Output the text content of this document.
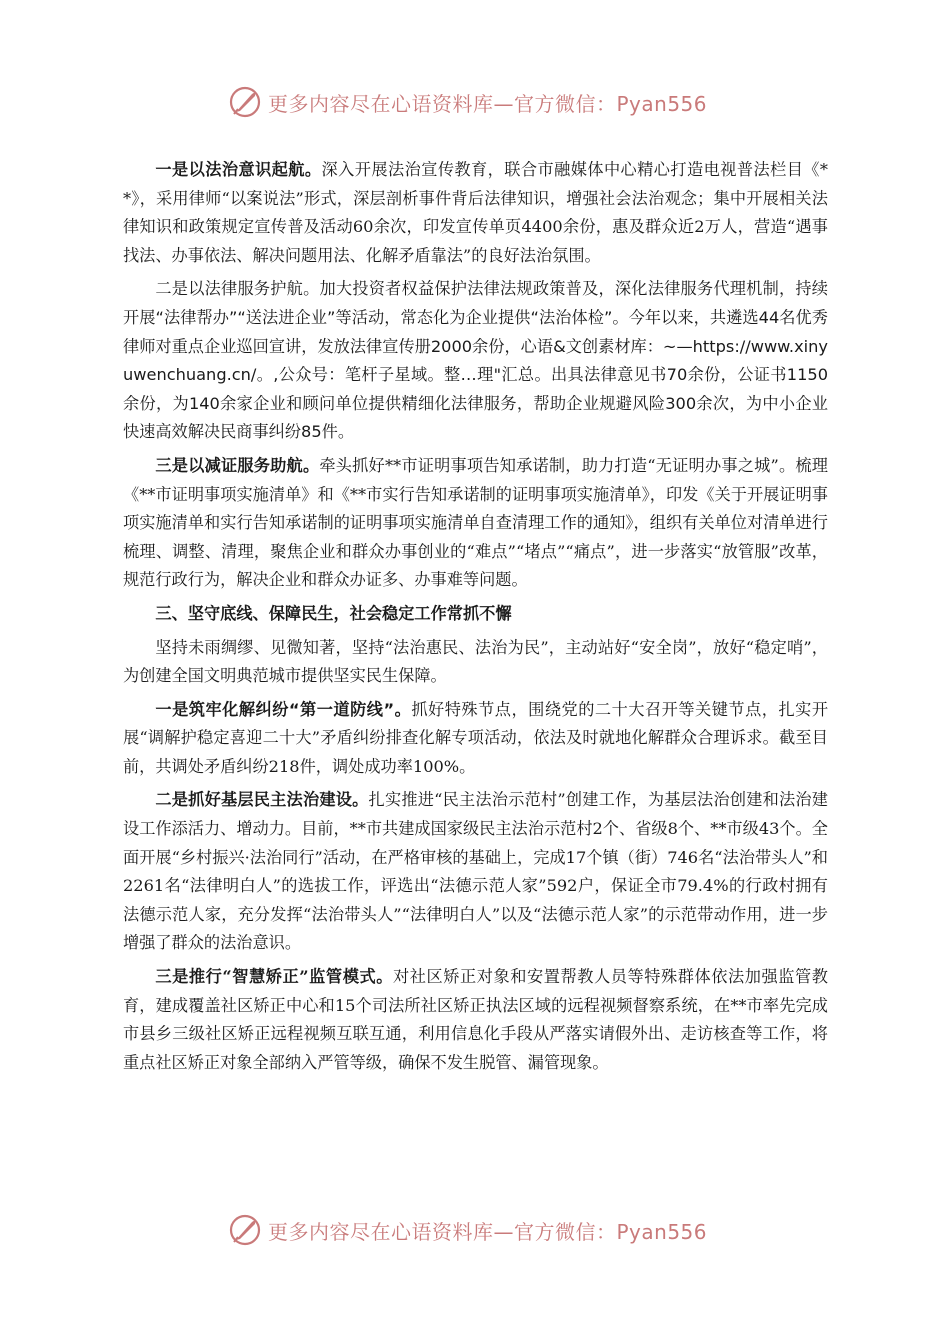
更多内容尽在心语资料库—官方微信：Pyan556

一是以法治意识起航。深入开展法治宣传教育，联合市融媒体中心精心打造电视普法栏目《**》，采用律师“以案说法”形式，深层剖析事件背后法律知识，增强社会法治观念；集中开展相关法律知识和政策规定宣传普及活动60余次，印发宣传单页4400余份，惠及群众近2万人，营造“遇事找法、办事依法、解决问题用法、化解矛盾靠法”的良好法治氛围。

二是以法律服务护航。加大投资者权益保护法律法规政策普及，深化法律服务代理机制，持续开展“法律帮办”“送法进企业”等活动，常态化为企业提供“法治体检”。今年以来，共遴选44名优秀律师对重点企业巡回宣讲，发放法律宣传册2000余份，心语&文创素材库：~—https://www.xinyuwenchuang.cn/。,公众号：笔杆子星域。整…理"汇总。出具法律意见书70余份，公证书1150余份，为140余家企业和顾问单位提供精细化法律服务，帮助企业规避风险300余次，为中小企业快速高效解决民商事纠纷85件。

三是以减证服务助航。牵头抓好**市证明事项告知承诺制，助力打造“无证明办事之城”。梳理《**市证明事项实施清单》和《**市实行告知承诺制的证明事项实施清单》，印发《关于开展证明事项实施清单和实行告知承诺制的证明事项实施清单自查清理工作的通知》，组织有关单位对清单进行梳理、调整、清理，聚焦企业和群众办事创业的“难点”“堵点”“痛点”，进一步落实“放管服”改革，规范行政行为，解决企业和群众办证多、办事难等问题。

三、坚守底线、保障民生，社会稳定工作常抓不懈

坚持未雨绸缪、见微知著，坚持“法治惠民、法治为民”，主动站好“安全岗”，放好“稳定哨”，为创建全国文明典范城市提供坚实民生保障。

一是筑牢化解纠纷“第一道防线”。抓好特殊节点，围绕党的二十大召开等关键节点，扎实开展“调解护稳定喜迎二十大”矛盾纠纷排查化解专项活动，依法及时就地化解群众合理诉求。截至目前，共调处矛盾纠纷218件，调处成功率100%。

二是抓好基层民主法治建设。扎实推进“民主法治示范村”创建工作，为基层法治创建和法治建设工作添活力、增动力。目前，**市共建成国家级民主法治示范村2个、省级8个、**市级43个。全面开展“乡村振兴·法治同行”活动，在严格审核的基础上，完成17个镇（街）746名“法治带头人”和2261名“法律明白人”的选拔工作，评选出“法德示范人家”592户，保证全市79.4%的行政村拥有法德示范人家，充分发挥“法治带头人”“法律明白人”以及“法德示范人家”的示范带动作用，进一步增强了群众的法治意识。

三是推行“智慧矫正”监管模式。对社区矫正对象和安置帮教人员等特殊群体依法加强监管教育，建成覆盖社区矫正中心和15个司法所社区矫正执法区域的远程视频督察系统，在**市率先完成市县乡三级社区矫正远程视频互联互通，利用信息化手段从严落实请假外出、走访核查等工作，将重点社区矫正对象全部纳入严管等级，确保不发生脱管、漏管现象。

更多内容尽在心语资料库—官方微信：Pyan556
